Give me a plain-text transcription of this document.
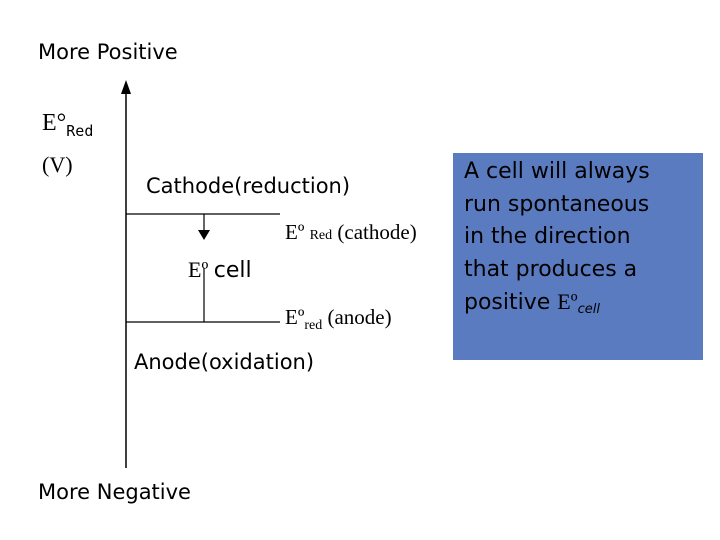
More Positive
More Negative
$E^\circ_{Red}$
(V)
Cathode(reduction)
Eº Red (cathode)
Eº cell
Eº$_{red}$ (anode)
Anode(oxidation)
A cell will always
run spontaneous
in the direction
that produces a
positive Eº$_{cell}$
